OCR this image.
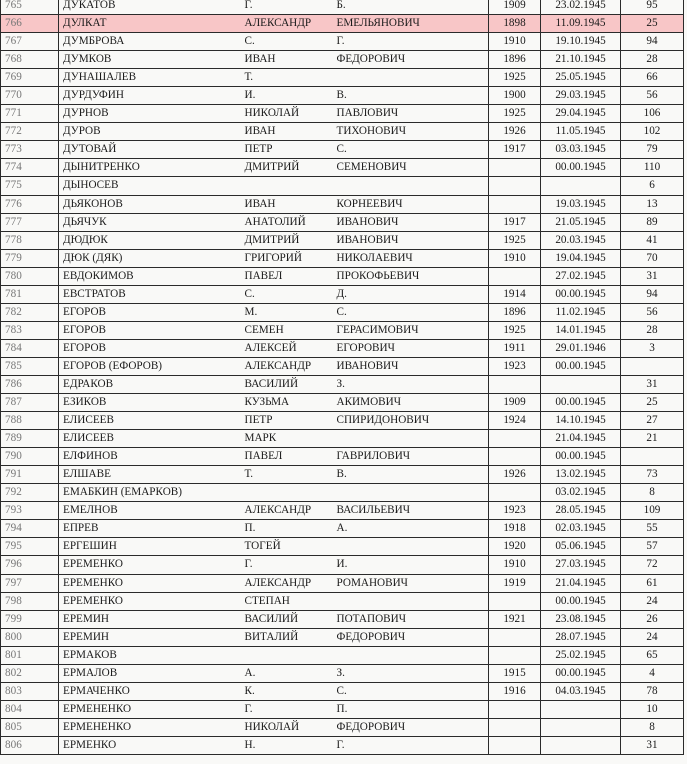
765	ДУКАТОВ	Г.	Б.	1909	23.02.1945	95
766	ДУЛКАТ	АЛЕКСАНДР	ЕМЕЛЬЯНОВИЧ	1898	11.09.1945	25
767	ДУМБРОВА	С.	Г.	1910	19.10.1945	94
768	ДУМКОВ	ИВАН	ФЕДОРОВИЧ	1896	21.10.1945	28
769	ДУНАШАЛЕВ	Т.		1925	25.05.1945	66
770	ДУРДУФИН	И.	В.	1900	29.03.1945	56
771	ДУРНОВ	НИКОЛАЙ	ПАВЛОВИЧ	1925	29.04.1945	106
772	ДУРОВ	ИВАН	ТИХОНОВИЧ	1926	11.05.1945	102
773	ДУТОВАЙ	ПЕТР	С.	1917	03.03.1945	79
774	ДЫНИТРЕНКО	ДМИТРИЙ	СЕМЕНОВИЧ		00.00.1945	110
775	ДЫНОСЕВ					6
776	ДЬЯКОНОВ	ИВАН	КОРНЕЕВИЧ		19.03.1945	13
777	ДЬЯЧУК	АНАТОЛИЙ	ИВАНОВИЧ	1917	21.05.1945	89
778	ДЮДЮК	ДМИТРИЙ	ИВАНОВИЧ	1925	20.03.1945	41
779	ДЮК (ДЯК)	ГРИГОРИЙ	НИКОЛАЕВИЧ	1910	19.04.1945	70
780	ЕВДОКИМОВ	ПАВЕЛ	ПРОКОФЬЕВИЧ		27.02.1945	31
781	ЕВСТРАТОВ	С.	Д.	1914	00.00.1945	94
782	ЕГОРОВ	М.	С.	1896	11.02.1945	56
783	ЕГОРОВ	СЕМЕН	ГЕРАСИМОВИЧ	1925	14.01.1945	28
784	ЕГОРОВ	АЛЕКСЕЙ	ЕГОРОВИЧ	1911	29.01.1946	3
785	ЕГОРОВ (ЕФОРОВ)	АЛЕКСАНДР	ИВАНОВИЧ	1923	00.00.1945	
786	ЕДРАКОВ	ВАСИЛИЙ	З.			31
787	ЕЗИКОВ	КУЗЬМА	АКИМОВИЧ	1909	00.00.1945	25
788	ЕЛИСЕЕВ	ПЕТР	СПИРИДОНОВИЧ	1924	14.10.1945	27
789	ЕЛИСЕЕВ	МАРК			21.04.1945	21
790	ЕЛФИНОВ	ПАВЕЛ	ГАВРИЛОВИЧ		00.00.1945	
791	ЕЛШАВЕ	Т.	В.	1926	13.02.1945	73
792	ЕМАБКИН (ЕМАРКОВ)				03.02.1945	8
793	ЕМЕЛНОВ	АЛЕКСАНДР	ВАСИЛЬЕВИЧ	1923	28.05.1945	109
794	ЕПРЕВ	П.	А.	1918	02.03.1945	55
795	ЕРГЕШИН	ТОГЕЙ		1920	05.06.1945	57
796	ЕРЕМЕНКО	Г.	И.	1910	27.03.1945	72
797	ЕРЕМЕНКО	АЛЕКСАНДР	РОМАНОВИЧ	1919	21.04.1945	61
798	ЕРЕМЕНКО	СТЕПАН			00.00.1945	24
799	ЕРЕМИН	ВАСИЛИЙ	ПОТАПОВИЧ	1921	23.08.1945	26
800	ЕРЕМИН	ВИТАЛИЙ	ФЕДОРОВИЧ		28.07.1945	24
801	ЕРМАКОВ				25.02.1945	65
802	ЕРМАЛОВ	А.	З.	1915	00.00.1945	4
803	ЕРМАЧЕНКО	К.	С.	1916	04.03.1945	78
804	ЕРМЕНЕНКО	Г.	П.			10
805	ЕРМЕНЕНКО	НИКОЛАЙ	ФЕДОРОВИЧ			8
806	ЕРМЕНКО	Н.	Г.			31
